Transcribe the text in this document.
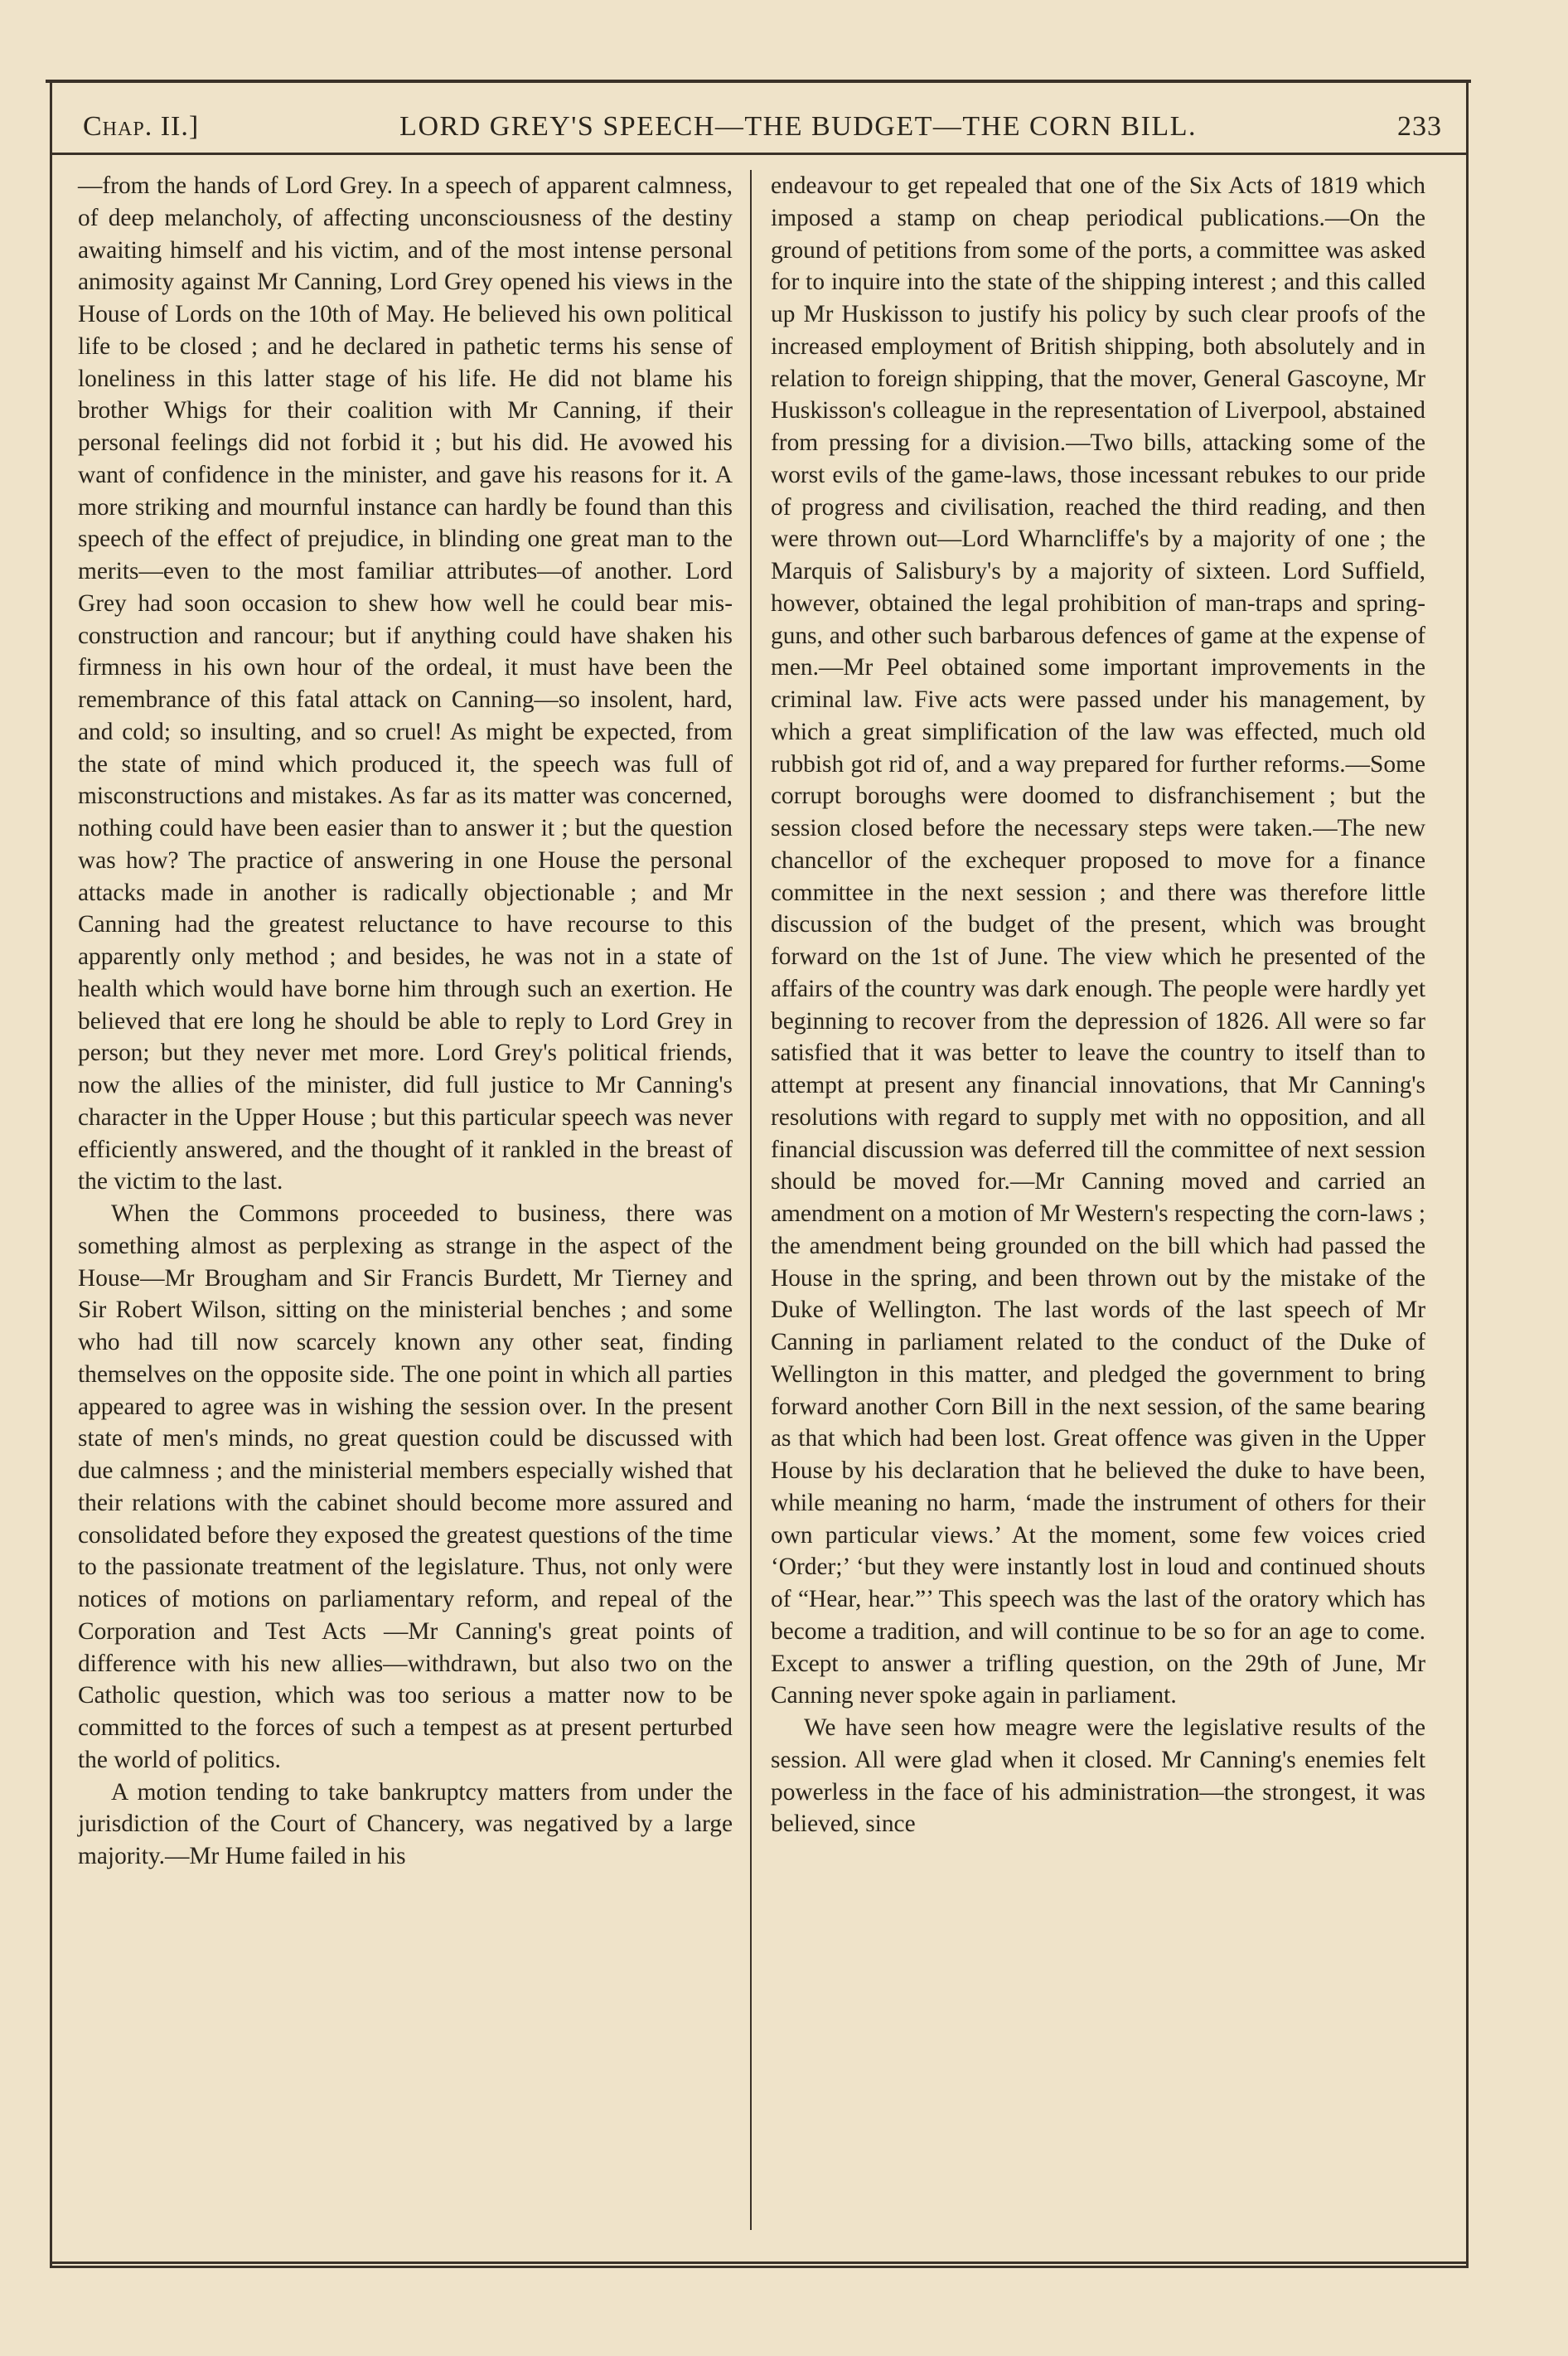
Chap. II.]	LORD GREY'S SPEECH—THE BUDGET—THE CORN BILL.	233

—from the hands of Lord Grey. In a speech of apparent calmness, of deep melancholy, of affecting unconsciousness of the destiny awaiting himself and his victim, and of the most intense personal animosity against Mr Canning, Lord Grey opened his views in the House of Lords on the 10th of May. He believed his own political life to be closed ; and he declared in pathetic terms his sense of loneliness in this latter stage of his life. He did not blame his brother Whigs for their coalition with Mr Canning, if their personal feelings did not forbid it ; but his did. He avowed his want of confidence in the minister, and gave his reasons for it. A more striking and mournful instance can hardly be found than this speech of the effect of prejudice, in blinding one great man to the merits—even to the most familiar attributes—of another. Lord Grey had soon occasion to shew how well he could bear misconstruction and rancour; but if anything could have shaken his firmness in his own hour of the ordeal, it must have been the remembrance of this fatal attack on Canning—so insolent, hard, and cold; so insulting, and so cruel! As might be expected, from the state of mind which produced it, the speech was full of misconstructions and mistakes. As far as its matter was concerned, nothing could have been easier than to answer it ; but the question was how? The practice of answering in one House the personal attacks made in another is radically objectionable ; and Mr Canning had the greatest reluctance to have recourse to this apparently only method ; and besides, he was not in a state of health which would have borne him through such an exertion. He believed that ere long he should be able to reply to Lord Grey in person; but they never met more. Lord Grey's political friends, now the allies of the minister, did full justice to Mr Canning's character in the Upper House ; but this particular speech was never efficiently answered, and the thought of it rankled in the breast of the victim to the last.

When the Commons proceeded to business, there was something almost as perplexing as strange in the aspect of the House—Mr Brougham and Sir Francis Burdett, Mr Tierney and Sir Robert Wilson, sitting on the ministerial benches ; and some who had till now scarcely known any other seat, finding themselves on the opposite side. The one point in which all parties appeared to agree was in wishing the session over. In the present state of men's minds, no great question could be discussed with due calmness ; and the ministerial members especially wished that their relations with the cabinet should become more assured and consolidated before they exposed the greatest questions of the time to the passionate treatment of the legislature. Thus, not only were notices of motions on parliamentary reform, and repeal of the Corporation and Test Acts —Mr Canning's great points of difference with his new allies—withdrawn, but also two on the Catholic question, which was too serious a matter now to be committed to the forces of such a tempest as at present perturbed the world of politics.

A motion tending to take bankruptcy matters from under the jurisdiction of the Court of Chancery, was negatived by a large majority.—Mr Hume failed in his

endeavour to get repealed that one of the Six Acts of 1819 which imposed a stamp on cheap periodical publications.—On the ground of petitions from some of the ports, a committee was asked for to inquire into the state of the shipping interest ; and this called up Mr Huskisson to justify his policy by such clear proofs of the increased employment of British shipping, both absolutely and in relation to foreign shipping, that the mover, General Gascoyne, Mr Huskisson's colleague in the representation of Liverpool, abstained from pressing for a division.—Two bills, attacking some of the worst evils of the game-laws, those incessant rebukes to our pride of progress and civilisation, reached the third reading, and then were thrown out—Lord Wharncliffe's by a majority of one ; the Marquis of Salisbury's by a majority of sixteen. Lord Suffield, however, obtained the legal prohibition of man-traps and spring-guns, and other such barbarous defences of game at the expense of men.—Mr Peel obtained some important improvements in the criminal law. Five acts were passed under his management, by which a great simplification of the law was effected, much old rubbish got rid of, and a way prepared for further reforms.—Some corrupt boroughs were doomed to disfranchisement ; but the session closed before the necessary steps were taken.—The new chancellor of the exchequer proposed to move for a finance committee in the next session ; and there was therefore little discussion of the budget of the present, which was brought forward on the 1st of June. The view which he presented of the affairs of the country was dark enough. The people were hardly yet beginning to recover from the depression of 1826. All were so far satisfied that it was better to leave the country to itself than to attempt at present any financial innovations, that Mr Canning's resolutions with regard to supply met with no opposition, and all financial discussion was deferred till the committee of next session should be moved for.—Mr Canning moved and carried an amendment on a motion of Mr Western's respecting the corn-laws ; the amendment being grounded on the bill which had passed the House in the spring, and been thrown out by the mistake of the Duke of Wellington. The last words of the last speech of Mr Canning in parliament related to the conduct of the Duke of Wellington in this matter, and pledged the government to bring forward another Corn Bill in the next session, of the same bearing as that which had been lost. Great offence was given in the Upper House by his declaration that he believed the duke to have been, while meaning no harm, ‘made the instrument of others for their own particular views.’ At the moment, some few voices cried ‘Order;’ ‘but they were instantly lost in loud and continued shouts of “Hear, hear.”’ This speech was the last of the oratory which has become a tradition, and will continue to be so for an age to come. Except to answer a trifling question, on the 29th of June, Mr Canning never spoke again in parliament.

We have seen how meagre were the legislative results of the session. All were glad when it closed. Mr Canning's enemies felt powerless in the face of his administration—the strongest, it was believed, since
